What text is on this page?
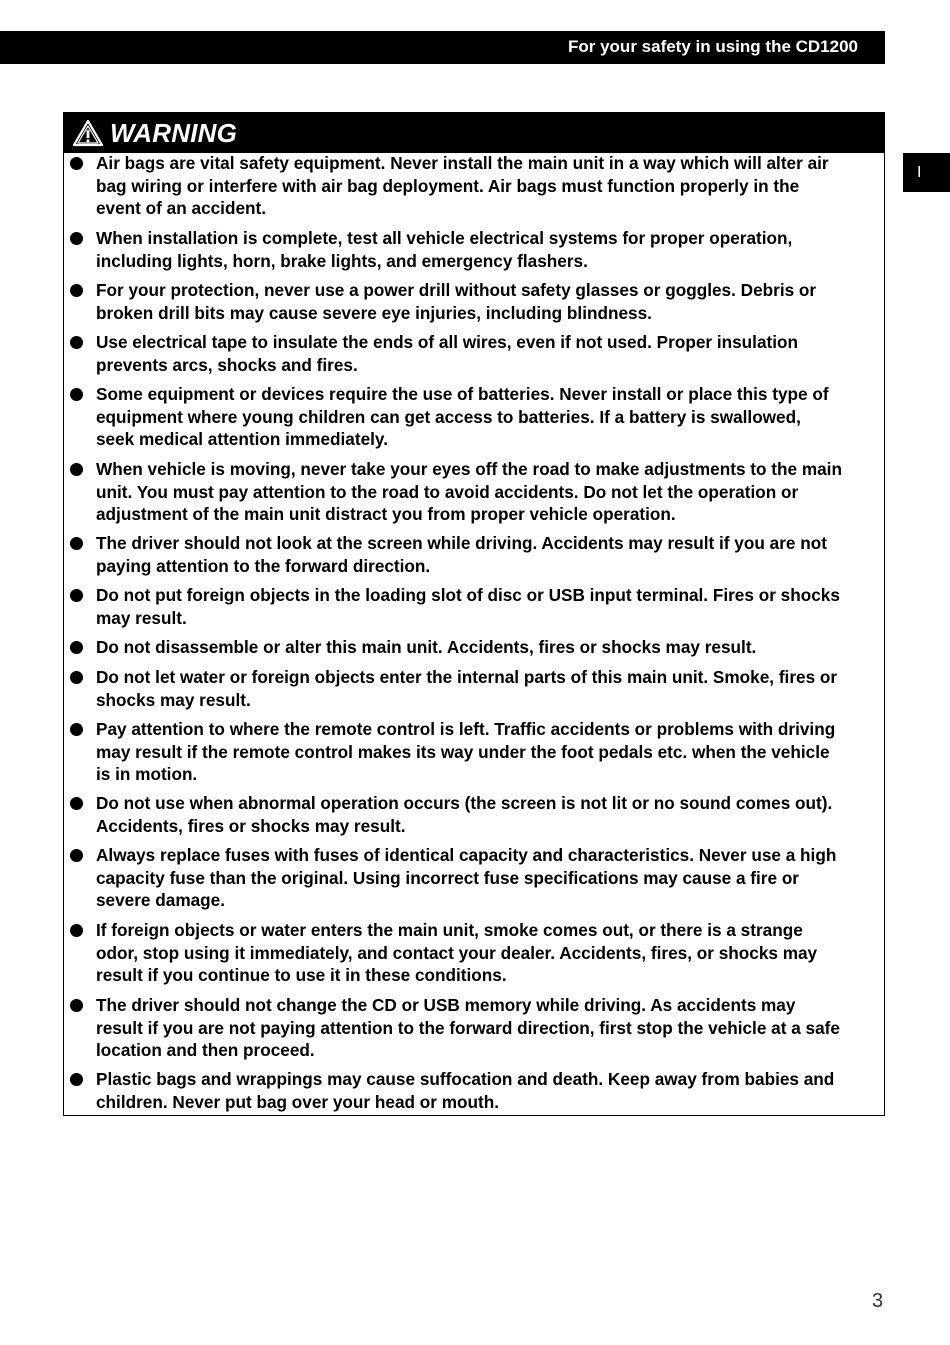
For your safety in using the CD1200
I
WARNING
Air bags are vital safety equipment. Never install the main unit in a way which will alter air
bag wiring or interfere with air bag deployment. Air bags must function properly in the
event of an accident.
When installation is complete, test all vehicle electrical systems for proper operation,
including lights, horn, brake lights, and emergency flashers.
For your protection, never use a power drill without safety glasses or goggles. Debris or
broken drill bits may cause severe eye injuries, including blindness.
Use electrical tape to insulate the ends of all wires, even if not used. Proper insulation
prevents arcs, shocks and fires.
Some equipment or devices require the use of batteries. Never install or place this type of
equipment where young children can get access to batteries. If a battery is swallowed,
seek medical attention immediately.
When vehicle is moving, never take your eyes off the road to make adjustments to the main
unit. You must pay attention to the road to avoid accidents. Do not let the operation or
adjustment of the main unit distract you from proper vehicle operation.
The driver should not look at the screen while driving. Accidents may result if you are not
paying attention to the forward direction.
Do not put foreign objects in the loading slot of disc or USB input terminal. Fires or shocks
may result.
Do not disassemble or alter this main unit. Accidents, fires or shocks may result.
Do not let water or foreign objects enter the internal parts of this main unit. Smoke, fires or
shocks may result.
Pay attention to where the remote control is left. Traffic accidents or problems with driving
may result if the remote control makes its way under the foot pedals etc. when the vehicle
is in motion.
Do not use when abnormal operation occurs (the screen is not lit or no sound comes out).
Accidents, fires or shocks may result.
Always replace fuses with fuses of identical capacity and characteristics. Never use a high
capacity fuse than the original. Using incorrect fuse specifications may cause a fire or
severe damage.
If foreign objects or water enters the main unit, smoke comes out, or there is a strange
odor, stop using it immediately, and contact your dealer. Accidents, fires, or shocks may
result if you continue to use it in these conditions.
The driver should not change the CD or USB memory while driving. As accidents may
result if you are not paying attention to the forward direction, first stop the vehicle at a safe
location and then proceed.
Plastic bags and wrappings may cause suffocation and death. Keep away from babies and
children. Never put bag over your head or mouth.
3
